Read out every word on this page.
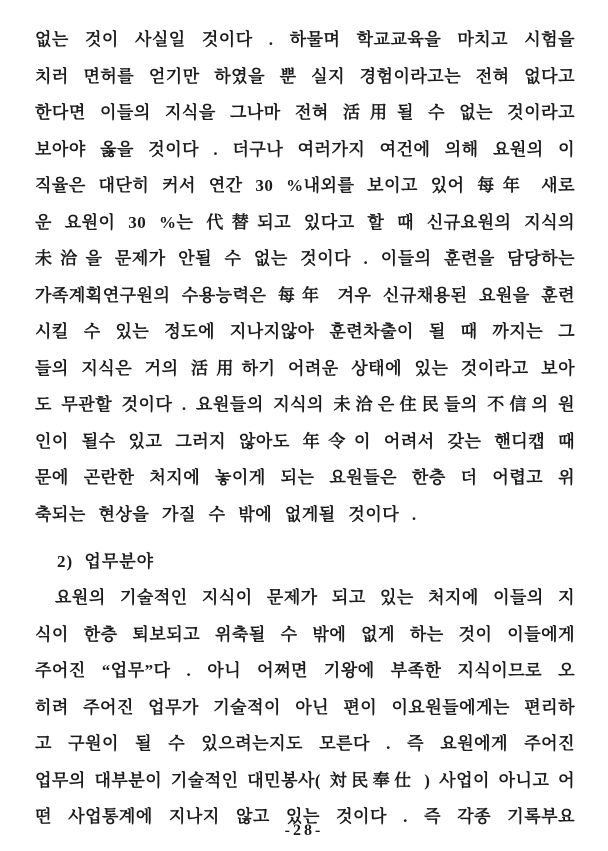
없는 것이 사실일 것이다 . 하물며 학교교육을 마치고 시험을
치러 면허를 얻기만 하였을 뿐 실지 경험이라고는 전혀 없다고
한다면 이들의 지식을 그나마 전혀 活用될 수 없는 것이라고
보아야 옳을 것이다 . 더구나 여러가지 여건에 의해 요원의 이
직율은 대단히 커서 연간 30 %내외를 보이고 있어 每年 새로
운 요원이 30 %는 代替되고 있다고 할 때 신규요원의 지식의
未洽을 문제가 안될 수 없는 것이다 . 이들의 훈련을 담당하는
가족계획연구원의 수용능력은 每年 겨우 신규채용된 요원을 훈련
시킬 수 있는 정도에 지나지않아 훈련차출이 될 때 까지는 그
들의 지식은 거의 活用하기 어려운 상태에 있는 것이라고 보아
도 무관할 것이다 . 요원들의 지식의 未洽은住民들의 不信의 원
인이 될수 있고 그러지 않아도 年令이 어려서 갖는 핸디캡 때
문에 곤란한 처지에 놓이게 되는 요원들은 한층 더 어렵고 위
축되는 현상을 가질 수 밖에 없게될 것이다 .
2) 업무분야
요원의 기술적인 지식이 문제가 되고 있는 처지에 이들의 지
식이 한층 퇴보되고 위축될 수 밖에 없게 하는 것이 이들에게
주어진 “업무”다 . 아니 어쩌면 기왕에 부족한 지식이므로 오
히려 주어진 업무가 기술적이 아닌 편이 이요원들에게는 편리하
고 구원이 될 수 있으려는지도 모른다 . 즉 요원에게 주어진
업무의 대부분이 기술적인 대민봉사( 対民奉仕 ) 사업이 아니고 어
떤 사업통계에 지나지 않고 있는 것이다 . 즉 각종 기록부요
-28-
